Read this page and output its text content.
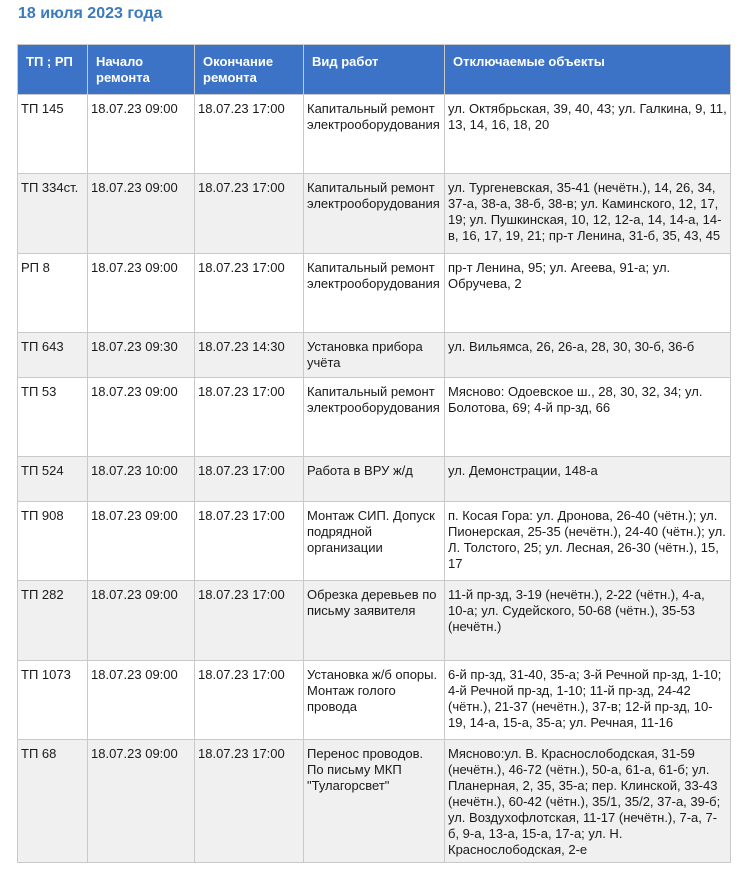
18 июля 2023 года
ТП ; РП	Начало ремонта	Окончание ремонта	Вид работ	Отключаемые объекты
ТП 145	18.07.23 09:00	18.07.23 17:00	Капитальный ремонт электрооборудования	ул. Октябрьская, 39, 40, 43; ул. Галкина, 9, 11, 13, 14, 16, 18, 20
ТП 334ст.	18.07.23 09:00	18.07.23 17:00	Капитальный ремонт электрооборудования	ул. Тургеневская, 35-41 (нечётн.), 14, 26, 34, 37-а, 38-а, 38-б, 38-в; ул. Каминского, 12, 17, 19; ул. Пушкинская, 10, 12, 12-а, 14, 14-а, 14-в, 16, 17, 19, 21; пр-т Ленина, 31-б, 35, 43, 45
РП 8	18.07.23 09:00	18.07.23 17:00	Капитальный ремонт электрооборудования	пр-т Ленина, 95; ул. Агеева, 91-а; ул. Обручева, 2
ТП 643	18.07.23 09:30	18.07.23 14:30	Установка прибора учёта	ул. Вильямса, 26, 26-а, 28, 30, 30-б, 36-б
ТП 53	18.07.23 09:00	18.07.23 17:00	Капитальный ремонт электрооборудования	Мясново: Одоевское ш., 28, 30, 32, 34; ул. Болотова, 69; 4-й пр-зд, 66
ТП 524	18.07.23 10:00	18.07.23 17:00	Работа в ВРУ ж/д	ул. Демонстрации, 148-а
ТП 908	18.07.23 09:00	18.07.23 17:00	Монтаж СИП. Допуск подрядной организации	п. Косая Гора: ул. Дронова, 26-40 (чётн.); ул. Пионерская, 25-35 (нечётн.), 24-40 (чётн.); ул. Л. Толстого, 25; ул. Лесная, 26-30 (чётн.), 15, 17
ТП 282	18.07.23 09:00	18.07.23 17:00	Обрезка деревьев по письму заявителя	11-й пр-зд, 3-19 (нечётн.), 2-22 (чётн.), 4-а, 10-а; ул. Судейского, 50-68 (чётн.), 35-53 (нечётн.)
ТП 1073	18.07.23 09:00	18.07.23 17:00	Установка ж/б опоры. Монтаж голого провода	6-й пр-зд, 31-40, 35-а; 3-й Речной пр-зд, 1-10; 4-й Речной пр-зд, 1-10; 11-й пр-зд, 24-42 (чётн.), 21-37 (нечётн.), 37-в; 12-й пр-зд, 10-19, 14-а, 15-а, 35-а; ул. Речная, 11-16
ТП 68	18.07.23 09:00	18.07.23 17:00	Перенос проводов. По письму МКП "Тулагорсвет"	Мясново:ул. В. Краснослободская, 31-59 (нечётн.), 46-72 (чётн.), 50-а, 61-а, 61-б; ул. Планерная, 2, 35, 35-а; пер. Клинской, 33-43 (нечётн.), 60-42 (чётн.), 35/1, 35/2, 37-а, 39-б; ул. Воздухофлотская, 11-17 (нечётн.), 7-а, 7-б, 9-а, 13-а, 15-а, 17-а; ул. Н. Краснослободская, 2-е
